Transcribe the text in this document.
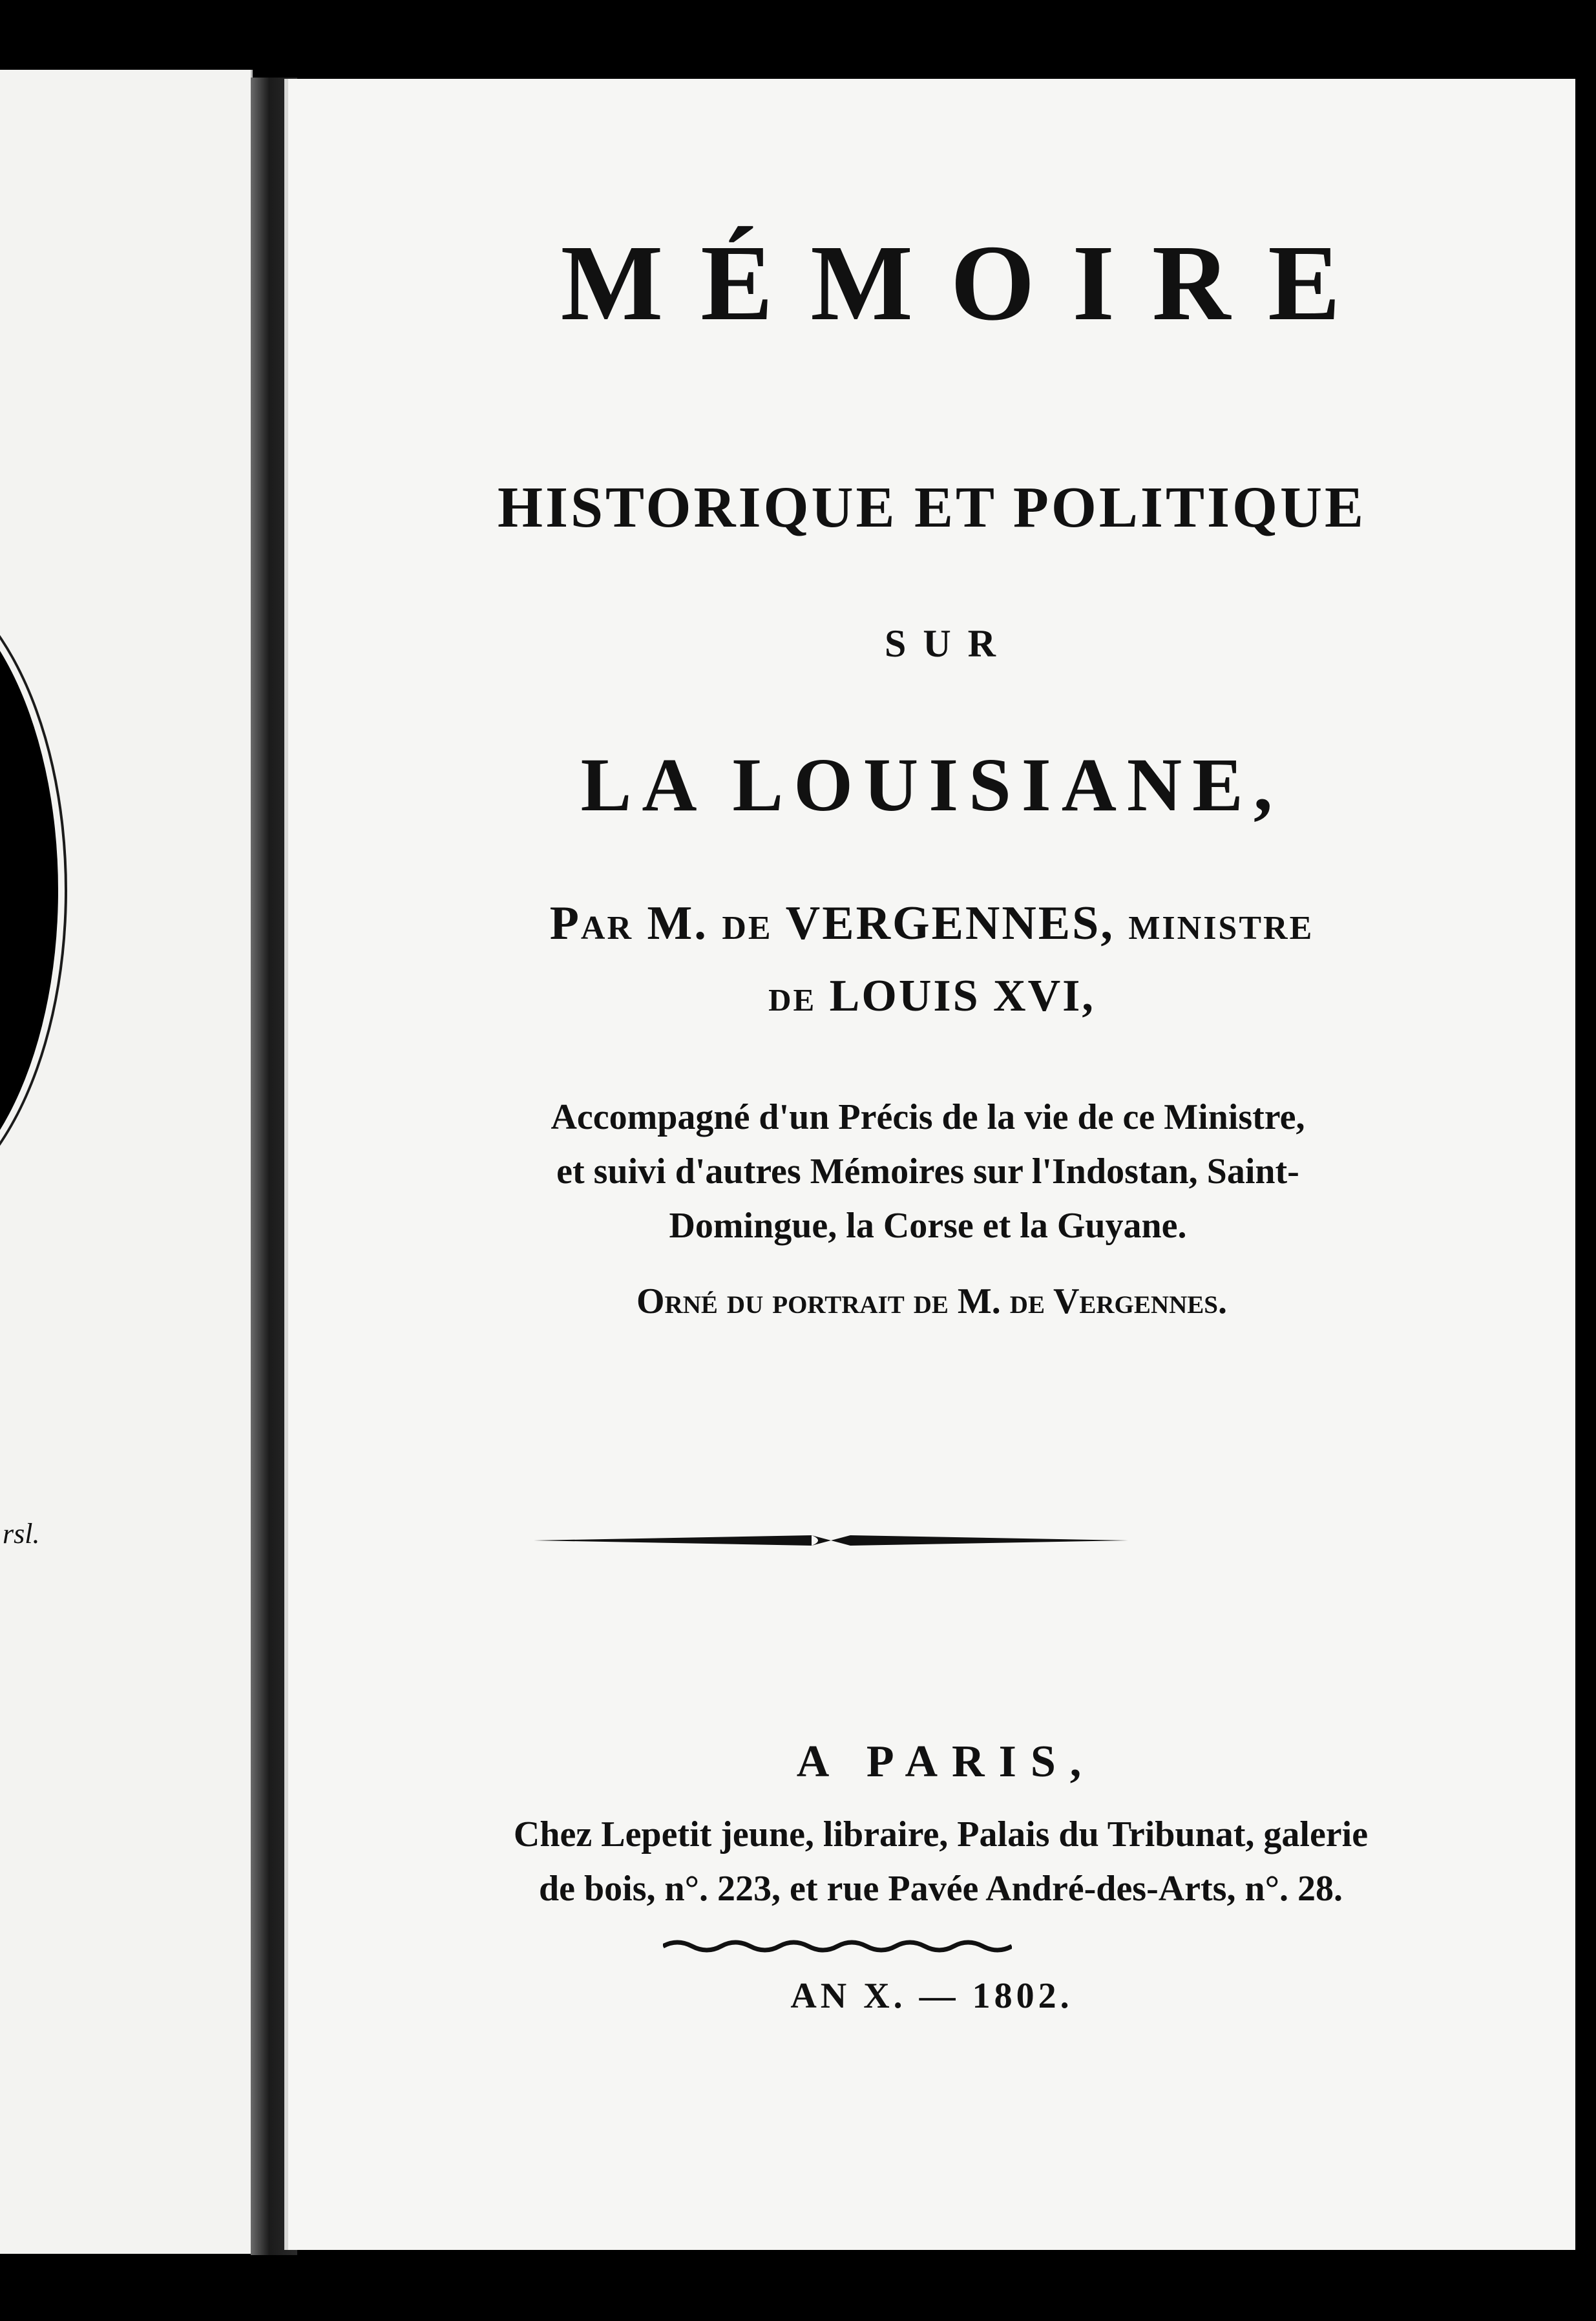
rsl.
MÉMOIRE
HISTORIQUE ET POLITIQUE
SUR
LA LOUISIANE,
Par M. de VERGENNES, ministre
de LOUIS XVI,

Accompagné d'un Précis de la vie de ce Ministre,
et suivi d'autres Mémoires sur l'Indostan, Saint-
Domingue, la Corse et la Guyane.

Orné du portrait de M. de Vergennes.
A PARIS,

Chez Lepetit jeune, libraire, Palais du Tribunat, galerie
de bois, n°. 223, et rue Pavée André-des-Arts, n°. 28.

AN X. — 1802.
